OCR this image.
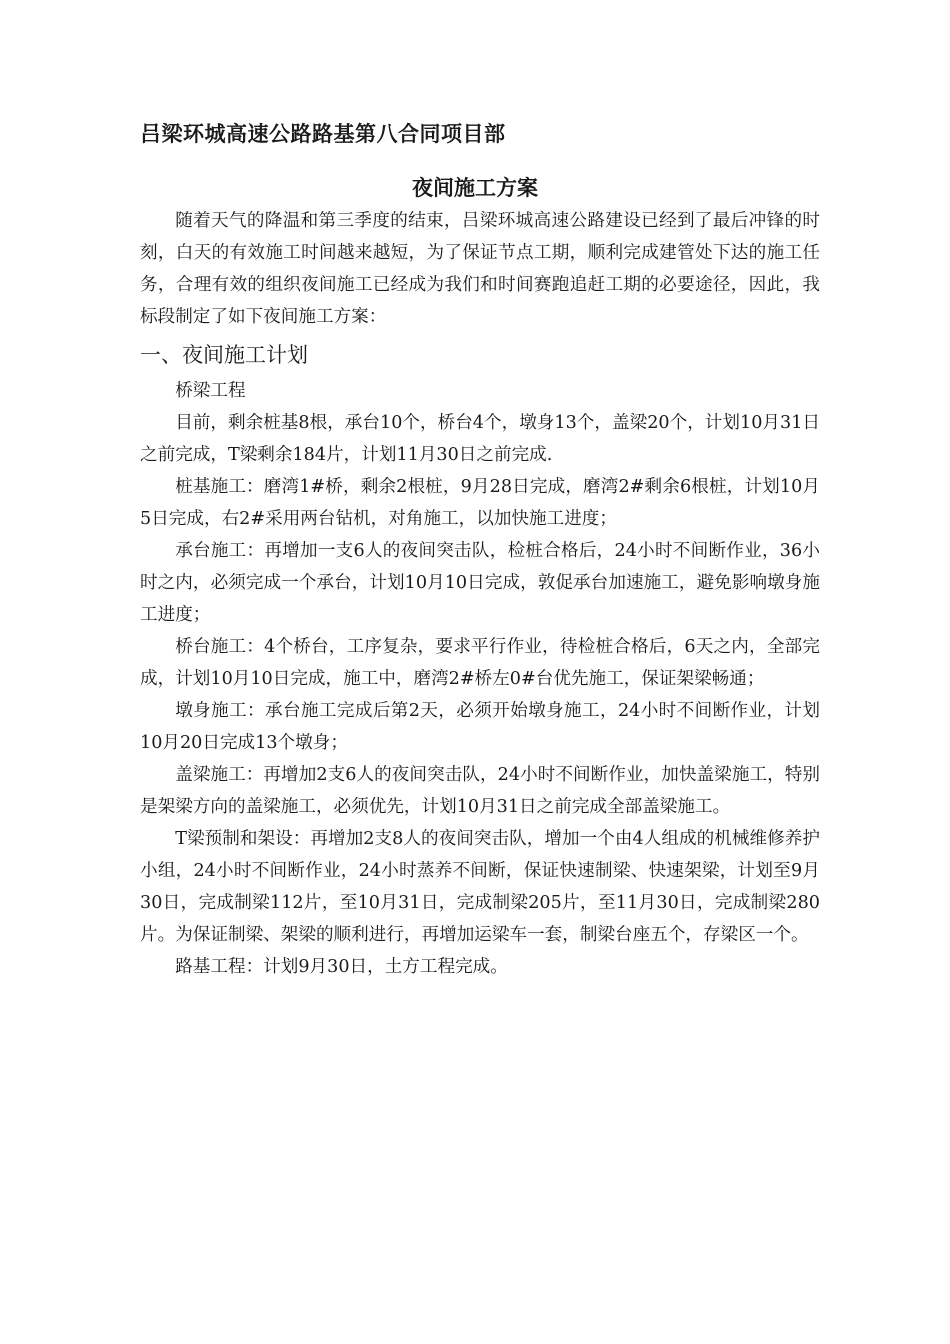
吕梁环城高速公路路基第八合同项目部
夜间施工方案

随着天气的降温和第三季度的结束，吕梁环城高速公路建设已经到了最后冲锋的时刻，白天的有效施工时间越来越短，为了保证节点工期，顺利完成建管处下达的施工任务，合理有效的组织夜间施工已经成为我们和时间赛跑追赶工期的必要途径，因此，我标段制定了如下夜间施工方案：

一、夜间施工计划

桥梁工程

目前，剩余桩基8根，承台10个，桥台4个，墩身13个，盖梁20个，计划10月31日之前完成，T梁剩余184片，计划11月30日之前完成.

桩基施工：磨湾1#桥，剩余2根桩，9月28日完成，磨湾2#剩余6根桩，计划10月5日完成，右2#采用两台钻机，对角施工，以加快施工进度；

承台施工：再增加一支6人的夜间突击队，检桩合格后，24小时不间断作业，36小时之内，必须完成一个承台，计划10月10日完成，敦促承台加速施工，避免影响墩身施工进度；

桥台施工：4个桥台，工序复杂，要求平行作业，待检桩合格后，6天之内，全部完成，计划10月10日完成，施工中，磨湾2#桥左0#台优先施工，保证架梁畅通；

墩身施工：承台施工完成后第2天，必须开始墩身施工，24小时不间断作业，计划10月20日完成13个墩身；

盖梁施工：再增加2支6人的夜间突击队，24小时不间断作业，加快盖梁施工，特别是架梁方向的盖梁施工，必须优先，计划10月31日之前完成全部盖梁施工。

T梁预制和架设：再增加2支8人的夜间突击队，增加一个由4人组成的机械维修养护小组，24小时不间断作业，24小时蒸养不间断，保证快速制梁、快速架梁，计划至9月30日，完成制梁112片，至10月31日，完成制梁205片，至11月30日，完成制梁280片。为保证制梁、架梁的顺利进行，再增加运梁车一套，制梁台座五个，存梁区一个。

路基工程：计划9月30日，土方工程完成。
